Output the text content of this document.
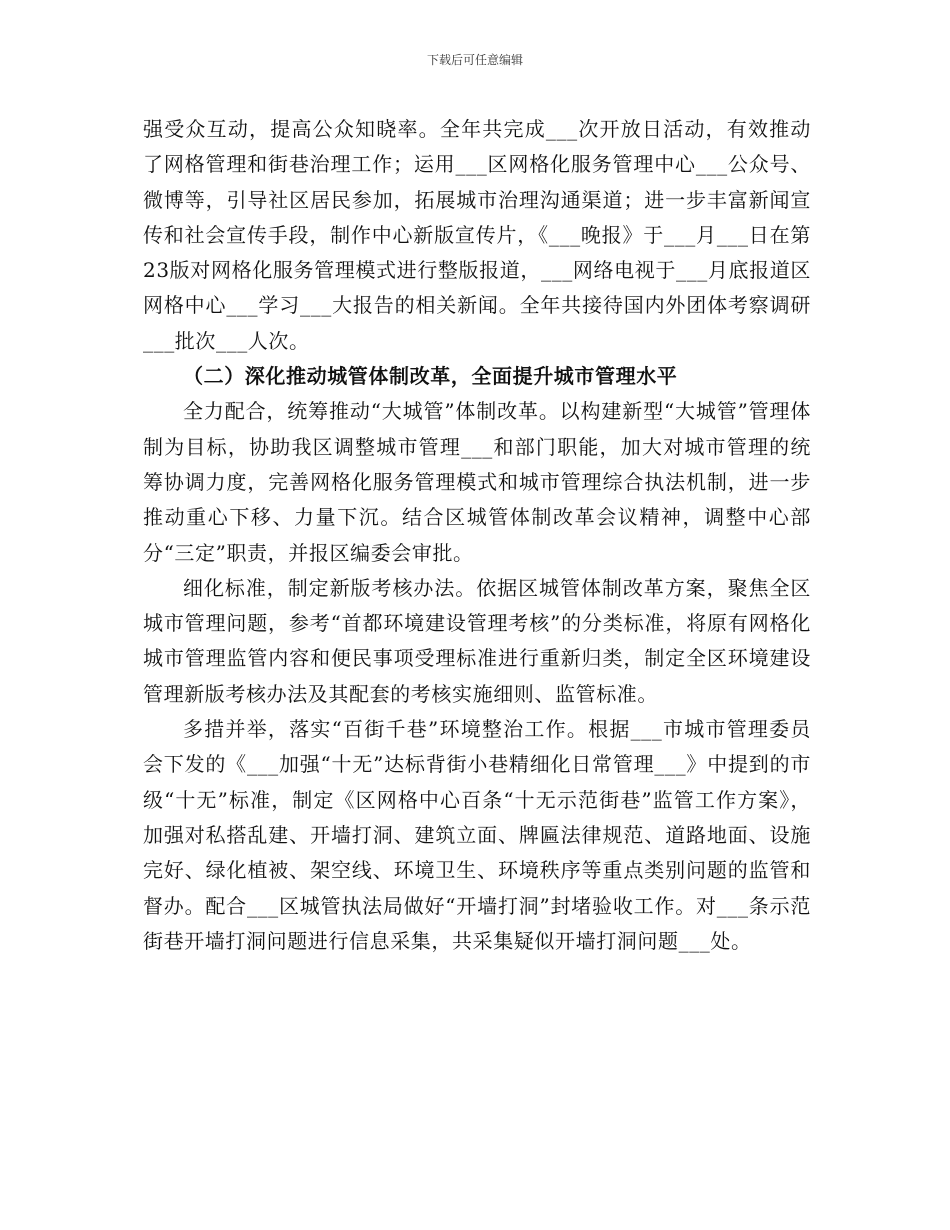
下载后可任意编辑

强受众互动，提高公众知晓率。全年共完成___次开放日活动，有效推动了网格管理和街巷治理工作；运用___区网格化服务管理中心___公众号、微博等，引导社区居民参加，拓展城市治理沟通渠道；进一步丰富新闻宣传和社会宣传手段，制作中心新版宣传片，《___晚报》于___月___日在第23版对网格化服务管理模式进行整版报道，___网络电视于___月底报道区网格中心___学习___大报告的相关新闻。全年共接待国内外团体考察调研___批次___人次。

（二）深化推动城管体制改革，全面提升城市管理水平

全力配合，统筹推动“大城管”体制改革。以构建新型“大城管”管理体制为目标，协助我区调整城市管理___和部门职能，加大对城市管理的统筹协调力度，完善网格化服务管理模式和城市管理综合执法机制，进一步推动重心下移、力量下沉。结合区城管体制改革会议精神，调整中心部分“三定”职责，并报区编委会审批。

细化标准，制定新版考核办法。依据区城管体制改革方案，聚焦全区城市管理问题，参考“首都环境建设管理考核”的分类标准，将原有网格化城市管理监管内容和便民事项受理标准进行重新归类，制定全区环境建设管理新版考核办法及其配套的考核实施细则、监管标准。

多措并举，落实“百街千巷”环境整治工作。根据___市城市管理委员会下发的《___加强“十无”达标背街小巷精细化日常管理___》中提到的市级“十无”标准，制定《区网格中心百条“十无示范街巷”监管工作方案》，加强对私搭乱建、开墙打洞、建筑立面、牌匾法律规范、道路地面、设施完好、绿化植被、架空线、环境卫生、环境秩序等重点类别问题的监管和督办。配合___区城管执法局做好“开墙打洞”封堵验收工作。对___条示范街巷开墙打洞问题进行信息采集，共采集疑似开墙打洞问题___处。
